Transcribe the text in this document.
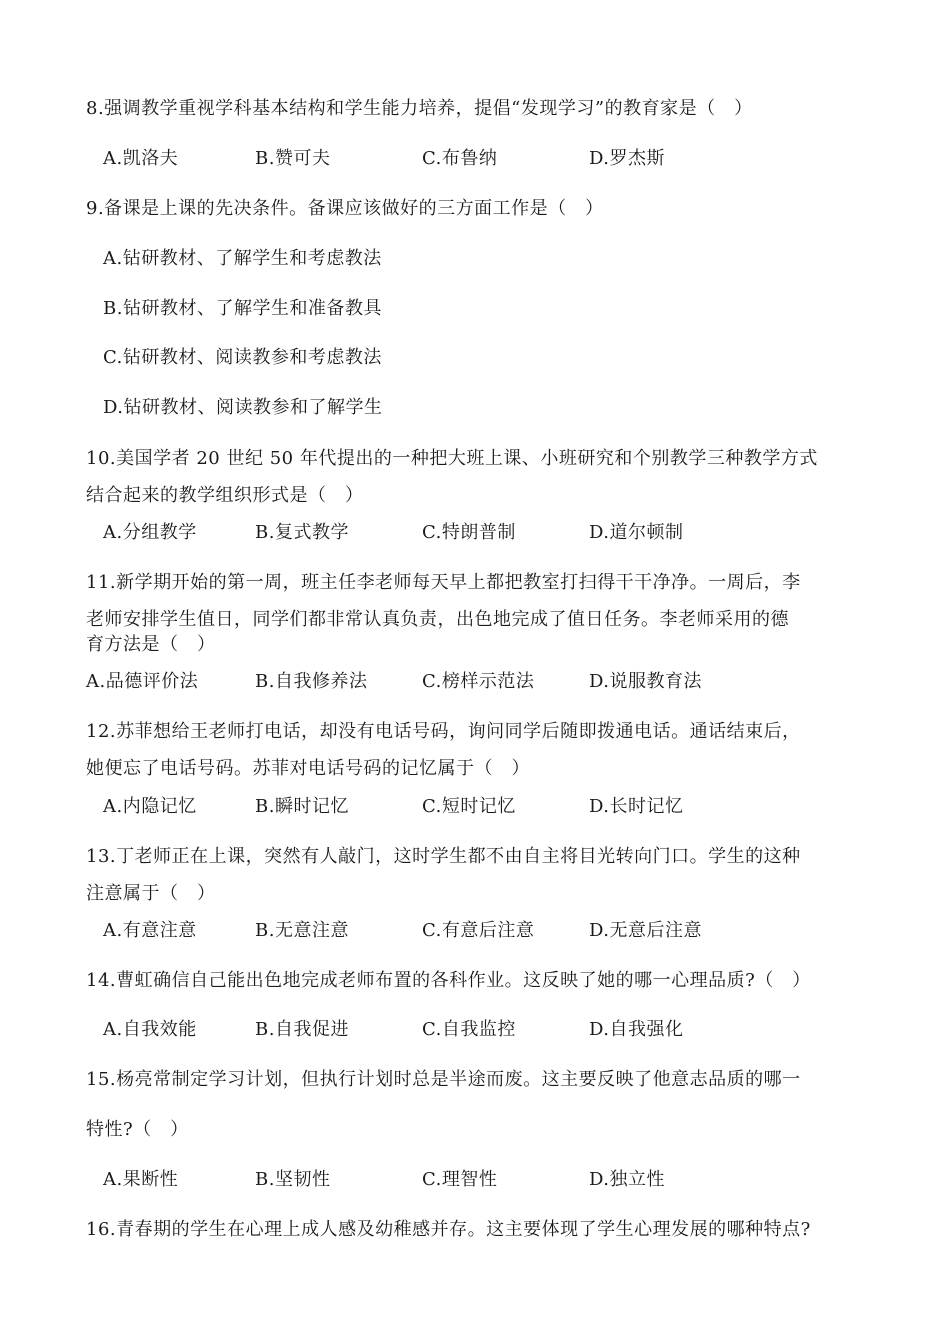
8.强调教学重视学科基本结构和学生能力培养，提倡“发现学习”的教育家是（　）
A.凯洛夫	B.赞可夫	C.布鲁纳	D.罗杰斯
9.备课是上课的先决条件。备课应该做好的三方面工作是（　）
A.钻研教材、了解学生和考虑教法
B.钻研教材、了解学生和准备教具
C.钻研教材、阅读教参和考虑教法
D.钻研教材、阅读教参和了解学生
10.美国学者 20 世纪 50 年代提出的一种把大班上课、小班研究和个别教学三种教学方式
结合起来的教学组织形式是（　）
A.分组教学	B.复式教学	C.特朗普制	D.道尔顿制
11.新学期开始的第一周，班主任李老师每天早上都把教室打扫得干干净净。一周后，李
老师安排学生值日，同学们都非常认真负责，出色地完成了值日任务。李老师采用的德
育方法是（　）
A.品德评价法	B.自我修养法	C.榜样示范法	D.说服教育法
12.苏菲想给王老师打电话，却没有电话号码，询问同学后随即拨通电话。通话结束后，
她便忘了电话号码。苏菲对电话号码的记忆属于（　）
A.内隐记忆	B.瞬时记忆	C.短时记忆	D.长时记忆
13.丁老师正在上课，突然有人敲门，这时学生都不由自主将目光转向门口。学生的这种
注意属于（　）
A.有意注意	B.无意注意	C.有意后注意	D.无意后注意
14.曹虹确信自己能出色地完成老师布置的各科作业。这反映了她的哪一心理品质?（　）
A.自我效能	B.自我促进	C.自我监控	D.自我强化
15.杨亮常制定学习计划，但执行计划时总是半途而废。这主要反映了他意志品质的哪一
特性?（　）
A.果断性	B.坚韧性	C.理智性	D.独立性
16.青春期的学生在心理上成人感及幼稚感并存。这主要体现了学生心理发展的哪种特点?
